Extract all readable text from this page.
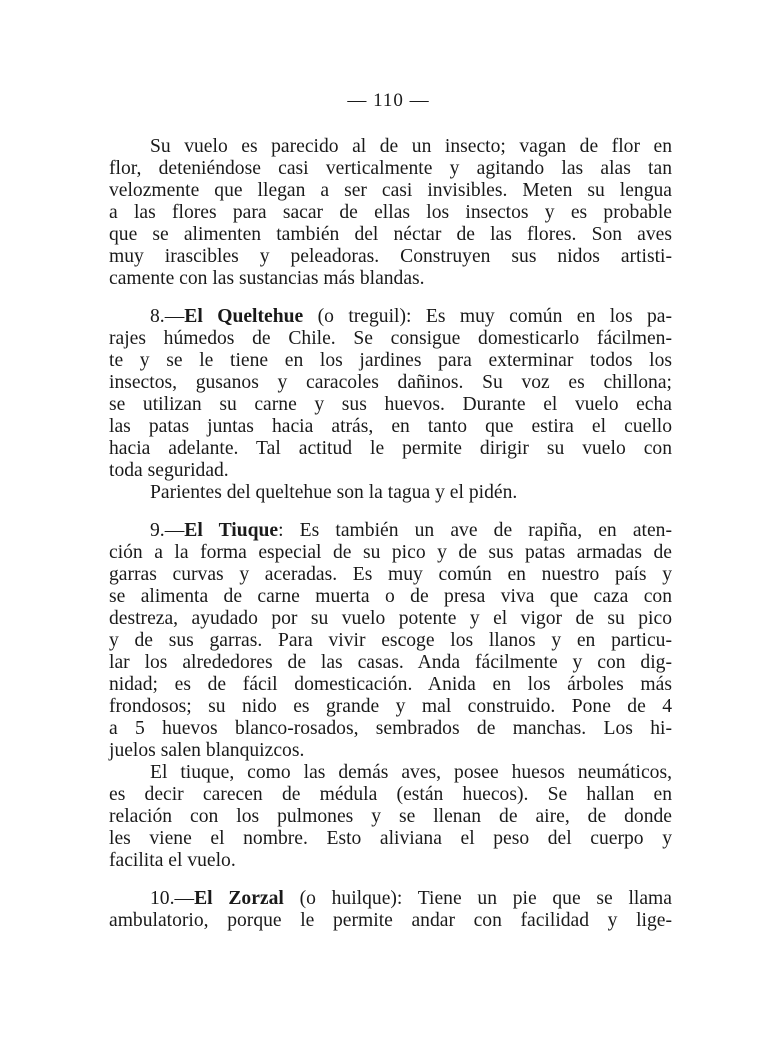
— 110 —
Su vuelo es parecido al de un insecto; vagan de flor en
flor, deteniéndose casi verticalmente y agitando las alas tan
velozmente que llegan a ser casi invisibles. Meten su lengua
a las flores para sacar de ellas los insectos y es probable
que se alimenten también del néctar de las flores. Son aves
muy irascibles y peleadoras. Construyen sus nidos artisti-
camente con las sustancias más blandas.
8.—El Queltehue (o treguil): Es muy común en los pa-
rajes húmedos de Chile. Se consigue domesticarlo fácilmen-
te y se le tiene en los jardines para exterminar todos los
insectos, gusanos y caracoles dañinos. Su voz es chillona;
se utilizan su carne y sus huevos. Durante el vuelo echa
las patas juntas hacia atrás, en tanto que estira el cuello
hacia adelante. Tal actitud le permite dirigir su vuelo con
toda seguridad.
Parientes del queltehue son la tagua y el pidén.
9.—El Tiuque: Es también un ave de rapiña, en aten-
ción a la forma especial de su pico y de sus patas armadas de
garras curvas y aceradas. Es muy común en nuestro país y
se alimenta de carne muerta o de presa viva que caza con
destreza, ayudado por su vuelo potente y el vigor de su pico
y de sus garras. Para vivir escoge los llanos y en particu-
lar los alrededores de las casas. Anda fácilmente y con dig-
nidad; es de fácil domesticación. Anida en los árboles más
frondosos; su nido es grande y mal construido. Pone de 4
a 5 huevos blanco-rosados, sembrados de manchas. Los hi-
juelos salen blanquizcos.
El tiuque, como las demás aves, posee huesos neumáticos,
es decir carecen de médula (están huecos). Se hallan en
relación con los pulmones y se llenan de aire, de donde
les viene el nombre. Esto aliviana el peso del cuerpo y
facilita el vuelo.
10.—El Zorzal (o huilque): Tiene un pie que se llama
ambulatorio, porque le permite andar con facilidad y lige-
